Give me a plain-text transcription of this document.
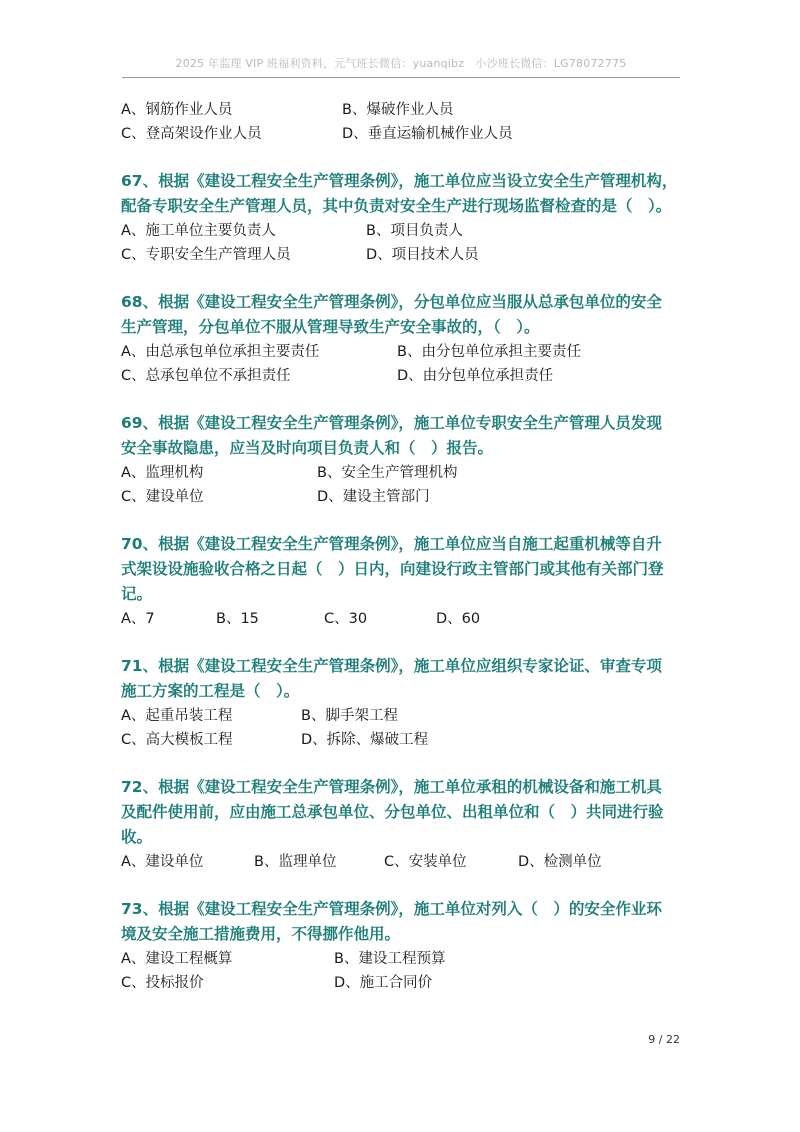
2025 年监理 VIP 班福利资料，元气班长微信：yuanqibz　小沙班长微信：LG78072775
A、钢筋作业人员	B、爆破作业人员
C、登高架设作业人员	D、垂直运输机械作业人员

67、根据《建设工程安全生产管理条例》，施工单位应当设立安全生产管理机构，
配备专职安全生产管理人员，其中负责对安全生产进行现场监督检查的是（　）。

A、施工单位主要负责人	B、项目负责人
C、专职安全生产管理人员	D、项目技术人员

68、根据《建设工程安全生产管理条例》，分包单位应当服从总承包单位的安全
生产管理，分包单位不服从管理导致生产安全事故的，（　）。

A、由总承包单位承担主要责任	B、由分包单位承担主要责任
C、总承包单位不承担责任	D、由分包单位承担责任

69、根据《建设工程安全生产管理条例》，施工单位专职安全生产管理人员发现
安全事故隐患，应当及时向项目负责人和（　）报告。

A、监理机构	B、安全生产管理机构
C、建设单位	D、建设主管部门

70、根据《建设工程安全生产管理条例》，施工单位应当自施工起重机械等自升
式架设设施验收合格之日起（　）日内，向建设行政主管部门或其他有关部门登
记。

A、7	B、15	C、30	D、60

71、根据《建设工程安全生产管理条例》，施工单位应组织专家论证、审查专项
施工方案的工程是（　）。

A、起重吊装工程	B、脚手架工程
C、高大模板工程	D、拆除、爆破工程

72、根据《建设工程安全生产管理条例》，施工单位承租的机械设备和施工机具
及配件使用前，应由施工总承包单位、分包单位、出租单位和（　）共同进行验
收。

A、建设单位	B、监理单位	C、安装单位	D、检测单位

73、根据《建设工程安全生产管理条例》，施工单位对列入（　）的安全作业环
境及安全施工措施费用，不得挪作他用。

A、建设工程概算	B、建设工程预算
C、投标报价	D、施工合同价
9 / 22
